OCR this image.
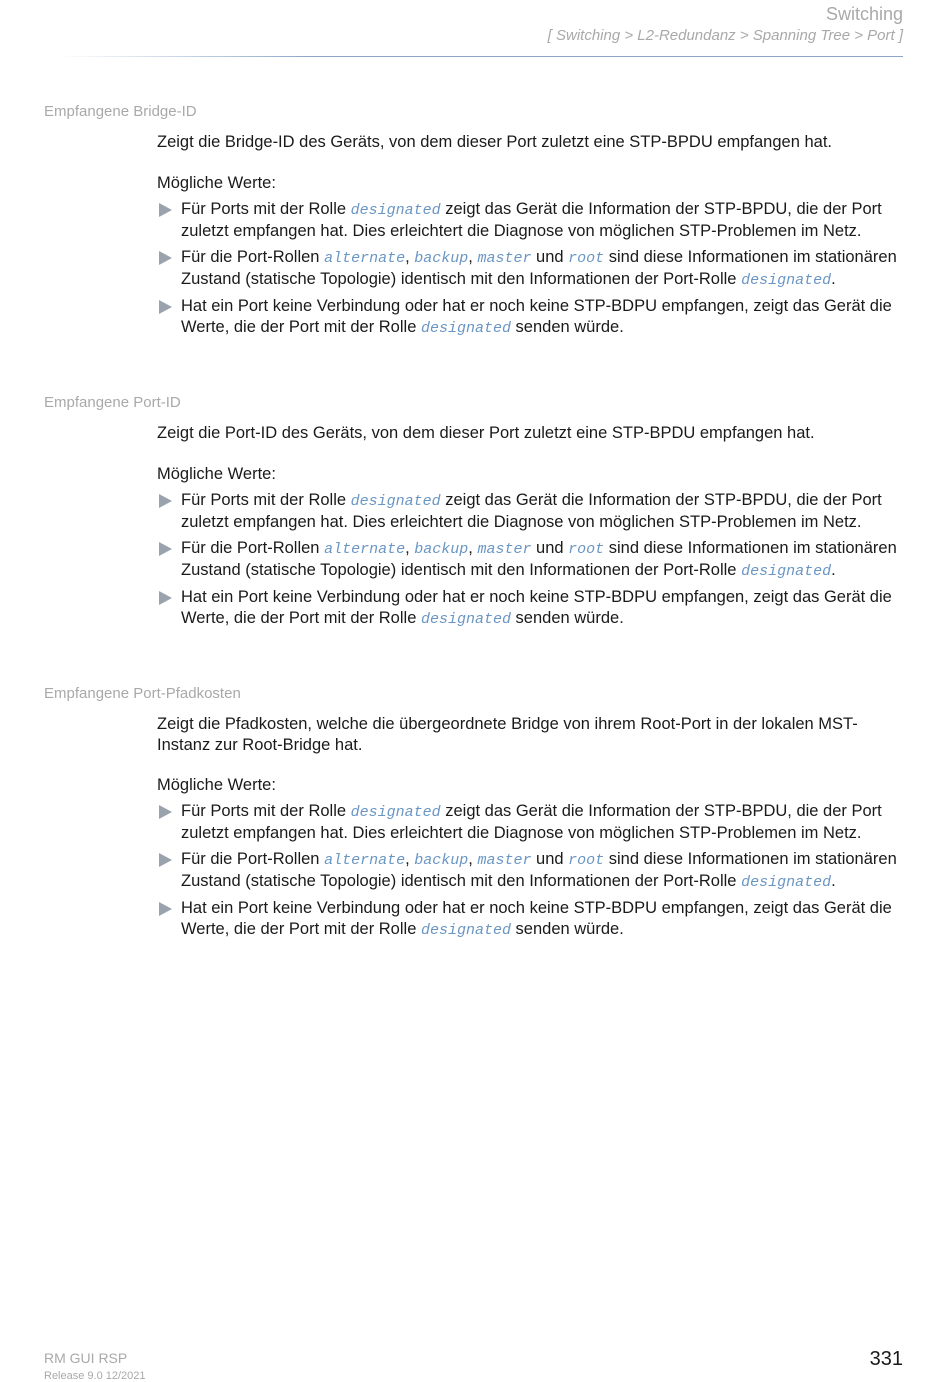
Switching
[ Switching > L2-Redundanz > Spanning Tree > Port ]
Empfangene Bridge-ID
Zeigt die Bridge-ID des Geräts, von dem dieser Port zuletzt eine STP-BPDU empfangen hat.
Mögliche Werte:
Für Ports mit der Rolle designated zeigt das Gerät die Information der STP-BPDU, die der Port zuletzt empfangen hat. Dies erleichtert die Diagnose von möglichen STP-Problemen im Netz.
Für die Port-Rollen alternate, backup, master und root sind diese Informationen im stationären Zustand (statische Topologie) identisch mit den Informationen der Port-Rolle designated.
Hat ein Port keine Verbindung oder hat er noch keine STP-BDPU empfangen, zeigt das Gerät die Werte, die der Port mit der Rolle designated senden würde.
Empfangene Port-ID
Zeigt die Port-ID des Geräts, von dem dieser Port zuletzt eine STP-BPDU empfangen hat.
Mögliche Werte:
Für Ports mit der Rolle designated zeigt das Gerät die Information der STP-BPDU, die der Port zuletzt empfangen hat. Dies erleichtert die Diagnose von möglichen STP-Problemen im Netz.
Für die Port-Rollen alternate, backup, master und root sind diese Informationen im stationären Zustand (statische Topologie) identisch mit den Informationen der Port-Rolle designated.
Hat ein Port keine Verbindung oder hat er noch keine STP-BDPU empfangen, zeigt das Gerät die Werte, die der Port mit der Rolle designated senden würde.
Empfangene Port-Pfadkosten
Zeigt die Pfadkosten, welche die übergeordnete Bridge von ihrem Root-Port in der lokalen MST-Instanz zur Root-Bridge hat.
Mögliche Werte:
Für Ports mit der Rolle designated zeigt das Gerät die Information der STP-BPDU, die der Port zuletzt empfangen hat. Dies erleichtert die Diagnose von möglichen STP-Problemen im Netz.
Für die Port-Rollen alternate, backup, master und root sind diese Informationen im stationären Zustand (statische Topologie) identisch mit den Informationen der Port-Rolle designated.
Hat ein Port keine Verbindung oder hat er noch keine STP-BDPU empfangen, zeigt das Gerät die Werte, die der Port mit der Rolle designated senden würde.
RM GUI RSP
Release 9.0 12/2021
331
